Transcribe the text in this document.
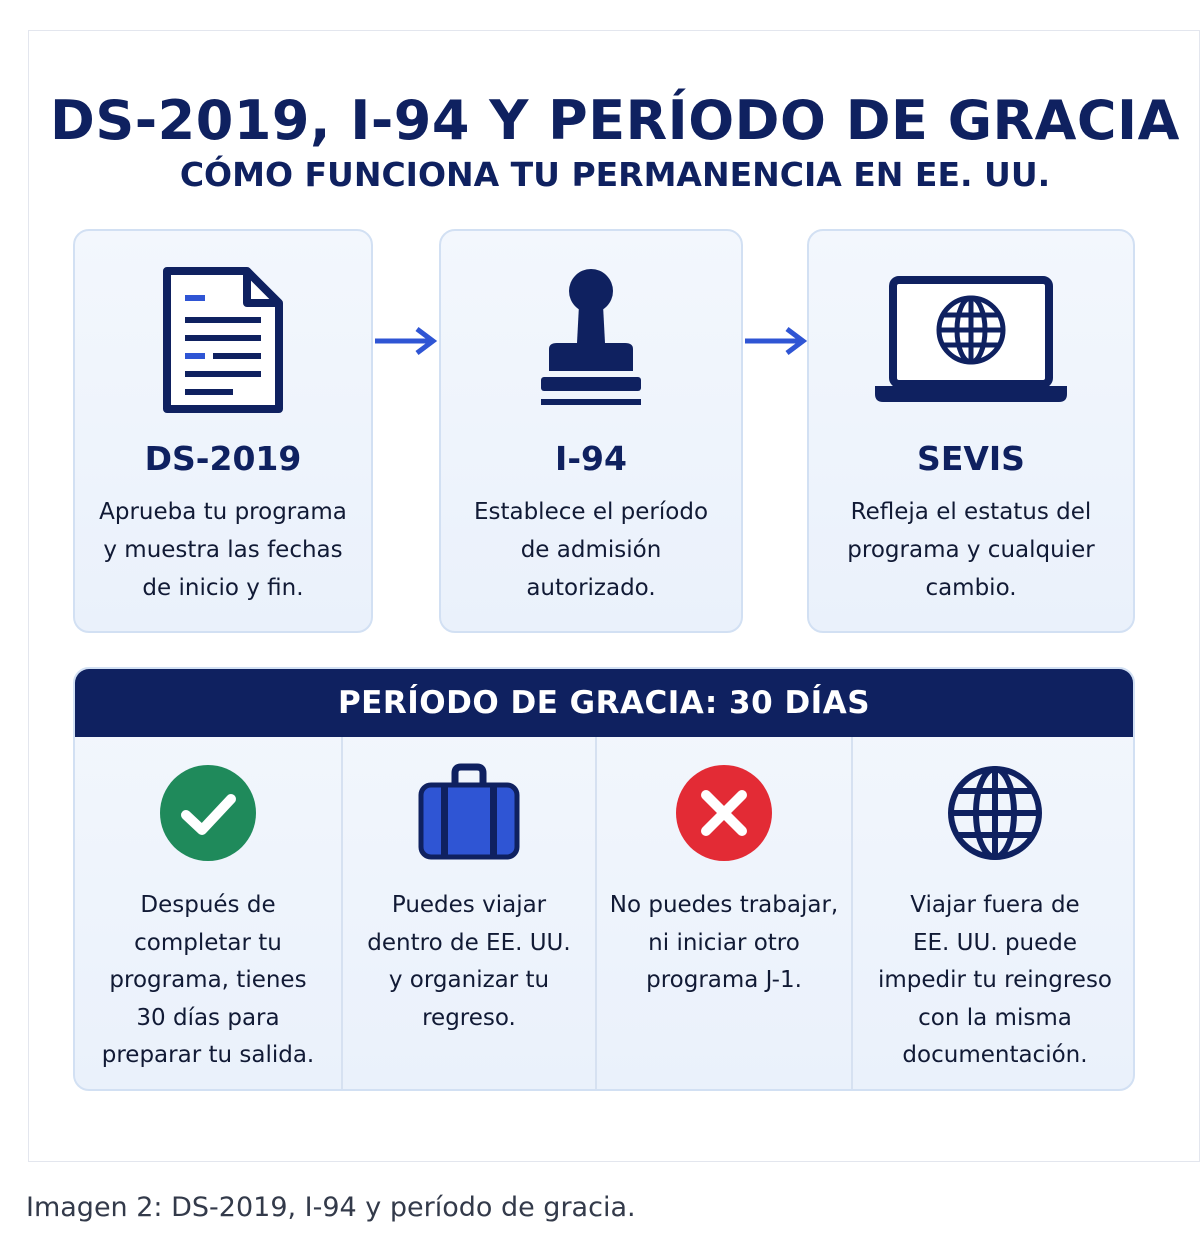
DS-2019, I-94 Y PERÍODO DE GRACIA
CÓMO FUNCIONA TU PERMANENCIA EN EE. UU.
DS-2019
Aprueba tu programa
y muestra las fechas
de inicio y fin.
I-94
Establece el período
de admisión
autorizado.
SEVIS
Refleja el estatus del
programa y cualquier
cambio.
PERÍODO DE GRACIA: 30 DÍAS
Después de
completar tu
programa, tienes
30 días para
preparar tu salida.
Puedes viajar
dentro de EE. UU.
y organizar tu
regreso.
No puedes trabajar,
ni iniciar otro
programa J-1.
Viajar fuera de
EE. UU. puede
impedir tu reingreso
con la misma
documentación.
Imagen 2: DS-2019, I-94 y período de gracia.
